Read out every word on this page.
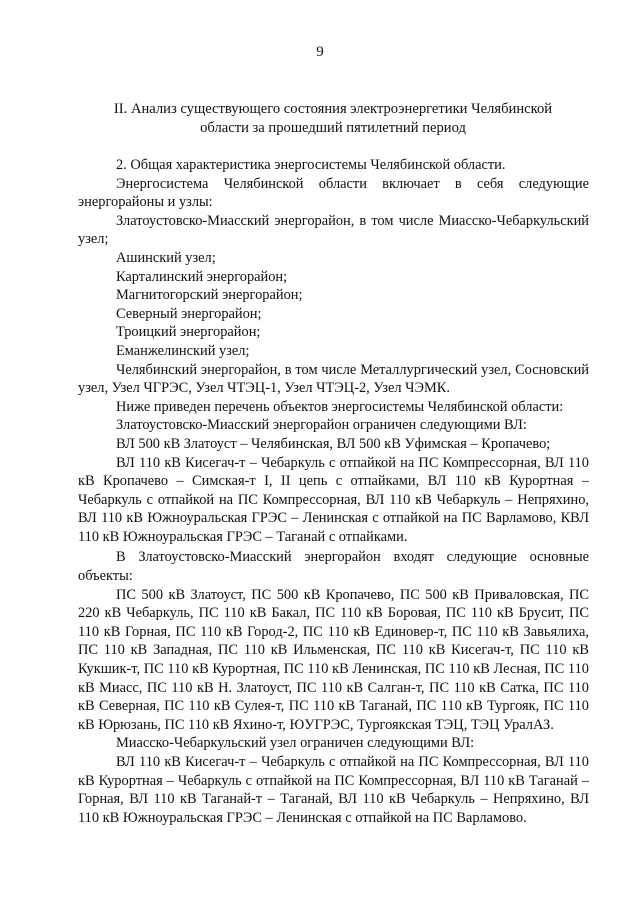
9
II. Анализ существующего состояния электроэнергетики Челябинской
области за прошедший пятилетний период

2. Общая характеристика энергосистемы Челябинской области.

Энергосистема Челябинской области включает в себя следующие энергорайоны и узлы:

Златоустовско-Миасский энергорайон, в том числе Миасско-Чебаркульский узел;

Ашинский узел;

Карталинский энергорайон;

Магнитогорский энергорайон;

Северный энергорайон;

Троицкий энергорайон;

Еманжелинский узел;

Челябинский энергорайон, в том числе Металлургический узел, Сосновский узел, Узел ЧГРЭС, Узел ЧТЭЦ-1, Узел ЧТЭЦ-2, Узел ЧЭМК.

Ниже приведен перечень объектов энергосистемы Челябинской области:

Златоустовско-Миасский энергорайон ограничен следующими ВЛ:

ВЛ 500 кВ Златоуст – Челябинская, ВЛ 500 кВ Уфимская – Кропачево;

ВЛ 110 кВ Кисегач-т – Чебаркуль с отпайкой на ПС Компрессорная, ВЛ 110 кВ Кропачево – Симская-т I, II цепь с отпайками, ВЛ 110 кВ Курортная – Чебаркуль с отпайкой на ПС Компрессорная, ВЛ 110 кВ Чебаркуль – Непряхино, ВЛ 110 кВ Южноуральская ГРЭС – Ленинская с отпайкой на ПС Варламово, КВЛ 110 кВ Южноуральская ГРЭС – Таганай с отпайками.

В Златоустовско-Миасский энергорайон входят следующие основные объекты:

ПС 500 кВ Златоуст, ПС 500 кВ Кропачево, ПС 500 кВ Приваловская, ПС 220 кВ Чебаркуль, ПС 110 кВ Бакал, ПС 110 кВ Боровая, ПС 110 кВ Брусит, ПС 110 кВ Горная, ПС 110 кВ Город-2, ПС 110 кВ Единовер-т, ПС 110 кВ Завьялиха, ПС 110 кВ Западная, ПС 110 кВ Ильменская, ПС 110 кВ Кисегач-т, ПС 110 кВ Кукшик-т, ПС 110 кВ Курортная, ПС 110 кВ Ленинская, ПС 110 кВ Лесная, ПС 110 кВ Миасс, ПС 110 кВ Н. Златоуст, ПС 110 кВ Салган-т, ПС 110 кВ Сатка, ПС 110 кВ Северная, ПС 110 кВ Сулея-т, ПС 110 кВ Таганай, ПС 110 кВ Тургояк, ПС 110 кВ Юрюзань, ПС 110 кВ Яхино-т, ЮУГРЭС, Тургоякская ТЭЦ, ТЭЦ УралАЗ.

Миасско-Чебаркульский узел ограничен следующими ВЛ:

ВЛ 110 кВ Кисегач-т – Чебаркуль с отпайкой на ПС Компрессорная, ВЛ 110 кВ Курортная – Чебаркуль с отпайкой на ПС Компрессорная, ВЛ 110 кВ Таганай – Горная, ВЛ 110 кВ Таганай-т – Таганай, ВЛ 110 кВ Чебаркуль – Непряхино, ВЛ 110 кВ Южноуральская ГРЭС – Ленинская с отпайкой на ПС Варламово.
